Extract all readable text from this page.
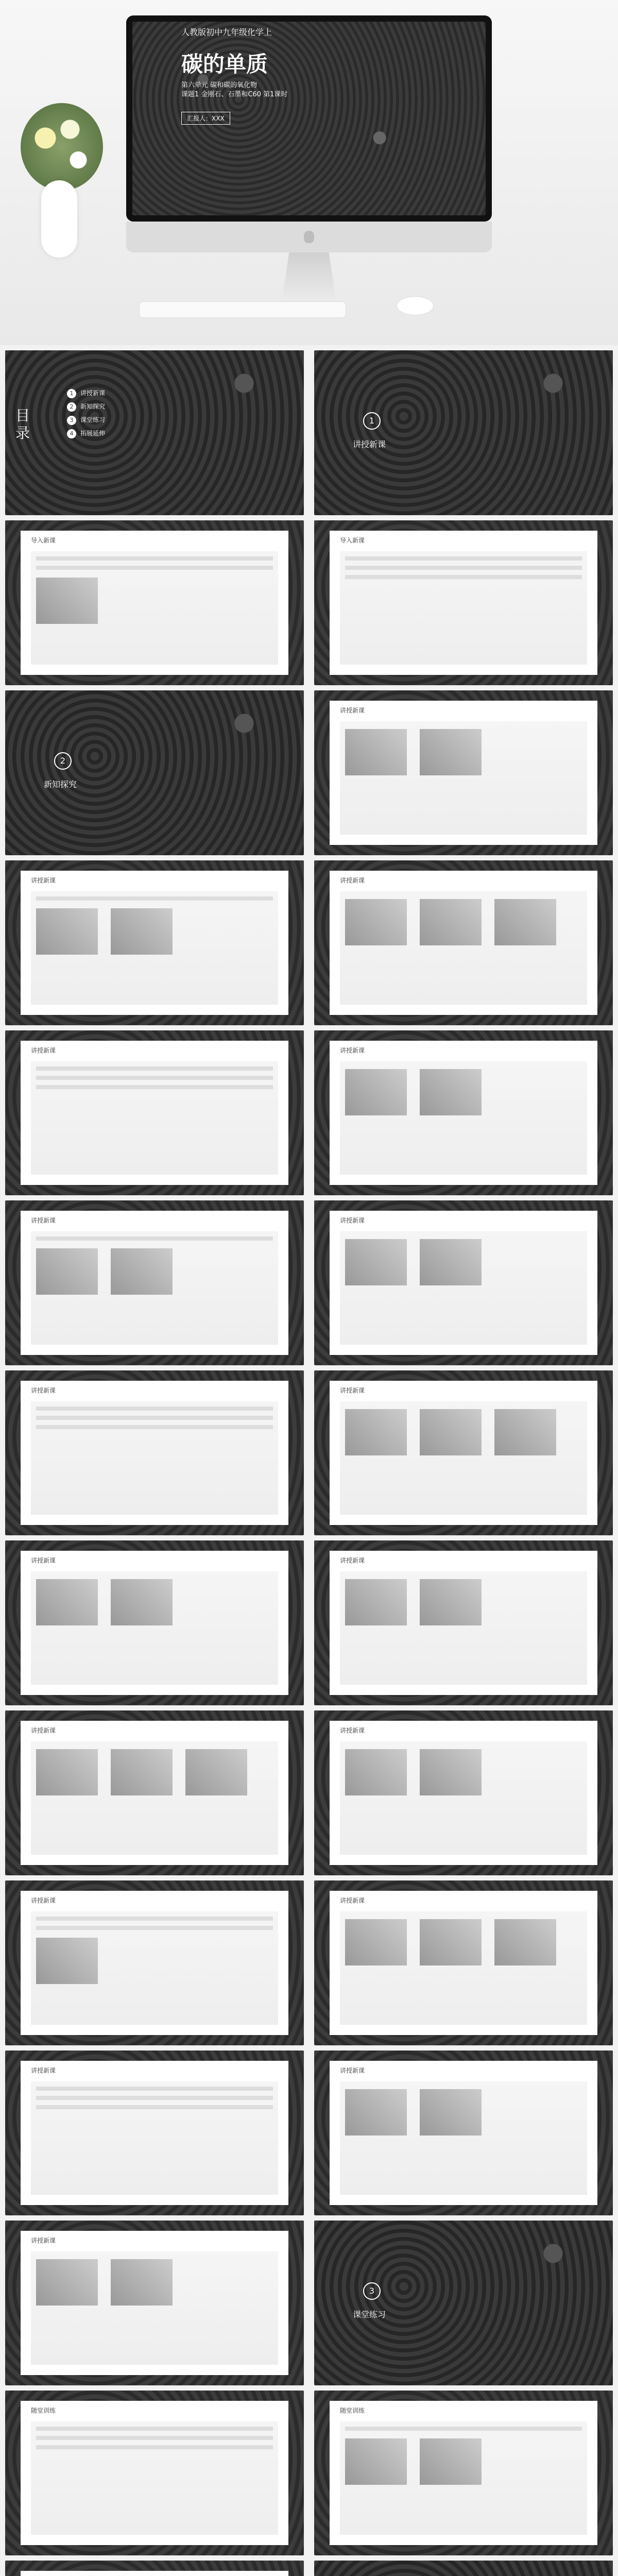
人教版初中九年级化学上
碳的单质
第六单元 碳和碳的氧化物
课题1 金刚石、石墨和C60 第1课时
汇报人：XXX
目录
1 讲授新课
2 新知探究
3 课堂练习
4 拓展延伸
1
讲授新课
导入新课	导入新课
2
新知探究
讲授新课

讲授新课
	讲授新课

讲授新课	讲授新课

讲授新课
	讲授新课

讲授新课	讲授新课

讲授新课
	讲授新课

讲授新课
	讲授新课

讲授新课	讲授新课

讲授新课	讲授新课

讲授新课

3
课堂练习
随堂训练	随堂训练
